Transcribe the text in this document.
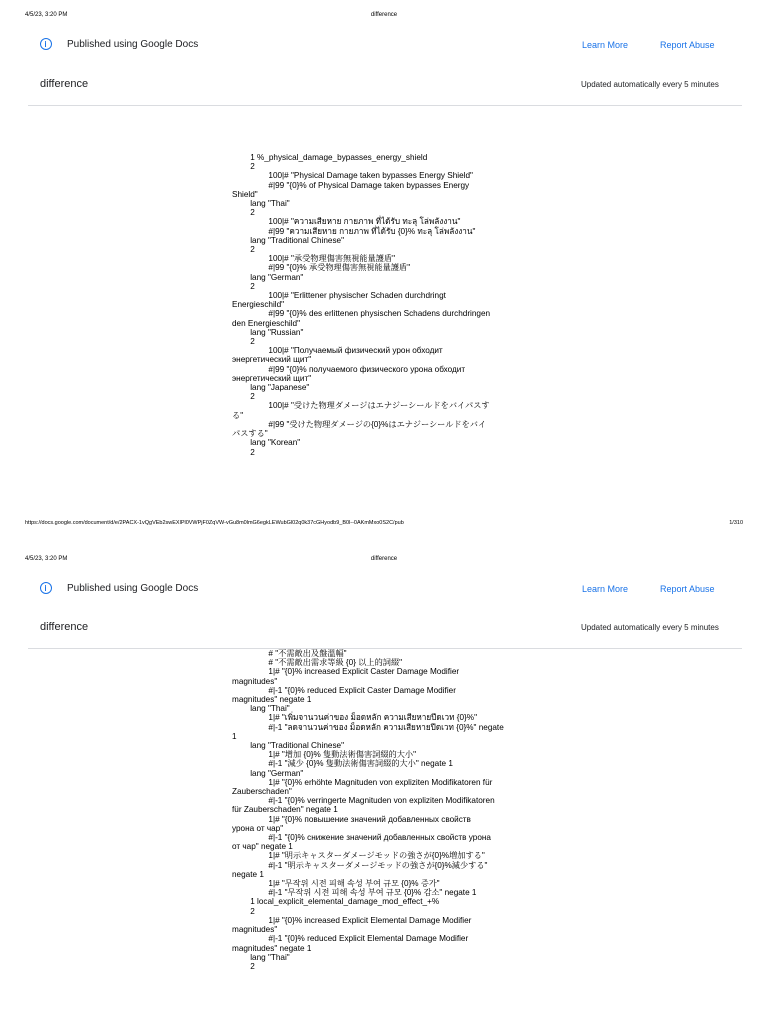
4/5/23, 3:20 PM	difference
Published using Google Docs	Learn More	Report Abuse
difference	Updated automatically every 5 minutes
1 %_physical_damage_bypasses_energy_shield
2
100|# "Physical Damage taken bypasses Energy Shield"
#|99 "{0}% of Physical Damage taken bypasses Energy
Shield"
lang "Thai"
2
100|# "ความเสียหาย กายภาพ ที่ได้รับ ทะลุ โล่พลังงาน"
#|99 "ความเสียหาย กายภาพ ที่ได้รับ {0}% ทะลุ โล่พลังงาน"
lang "Traditional Chinese"
2
100|# "承受物理傷害無視能量護盾"
#|99 "{0}% 承受物理傷害無視能量護盾"
lang "German"
2
100|# "Erlittener physischer Schaden durchdringt
Energieschild"
#|99 "{0}% des erlittenen physischen Schadens durchdringen
den Energieschild"
lang "Russian"
2
100|# "Получаемый физический урон обходит
энергетический щит"
#|99 "{0}% получаемого физического урона обходит
энергетический щит"
lang "Japanese"
2
100|# "受けた物理ダメージはエナジーシールドをバイパスす
る"
#|99 "受けた物理ダメージの{0}%はエナジーシールドをバイ
パスする"
lang "Korean"
2
https://docs.google.com/document/d/e/2PACX-1vQgVEb2swEXlPl0VWPjF0ZqVW-vGu8m0lmG6egkLEWubGl02q0k37cGHyodb9_B0l--0AKmMxo0S2C/pub	1/310
4/5/23, 3:20 PM	difference
Published using Google Docs	Learn More	Report Abuse
difference	Updated automatically every 5 minutes
# "不需敵出及盤溫幅"
# "不需敵出需求等級 {0} 以上的詞綴"
1|# "{0}% increased Explicit Caster Damage Modifier
magnitudes"
#|-1 "{0}% reduced Explicit Caster Damage Modifier
magnitudes" negate 1
lang "Thai"
1|# "เพิ่มจานวนค่าของ ม็อดหลัก ความเสียหายปีดเวท {0}%"
#|-1 "ลดจานวนค่าของ ม็อดหลัก ความเสียหายปีดเวท {0}%" negate
1
lang "Traditional Chinese"
1|# "增加 {0}% 隻動法術傷害詞綴的大小"
#|-1 "減少 {0}% 隻動法術傷害詞綴的大小" negate 1
lang "German"
1|# "{0}% erhöhte Magnituden von expliziten Modifikatoren für
Zauberschaden"
#|-1 "{0}% verringerte Magnituden von expliziten Modifikatoren
für Zauberschaden" negate 1
1|# "{0}% повышение значений добавленных свойств
урона от чар"
#|-1 "{0}% снижение значений добавленных свойств урона
от чар" negate 1
1|# "明示キャスターダメージモッドの強さが{0}%増加する"
#|-1 "明示キャスターダメージモッドの強さが{0}%減少する"
negate 1
1|# "무작위 시전 피해 속성 부여 규모 {0}% 증가"
#|-1 "무작위 시전 피해 속성 부여 규모 {0}% 감소" negate 1
1 local_explicit_elemental_damage_mod_effect_+%
2
1|# "{0}% increased Explicit Elemental Damage Modifier
magnitudes"
#|-1 "{0}% reduced Explicit Elemental Damage Modifier
magnitudes" negate 1
lang "Thai"
2
